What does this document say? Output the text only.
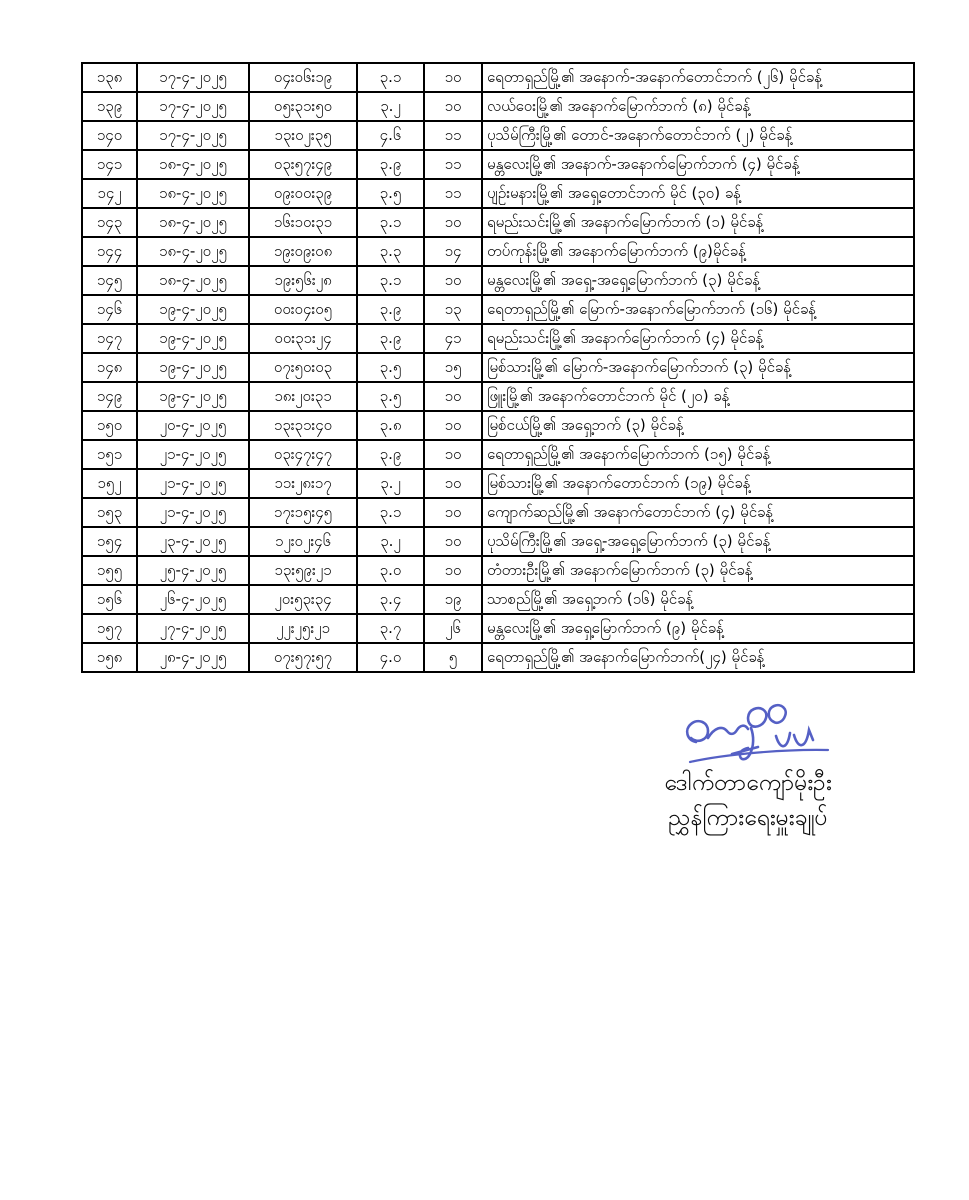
၁၃၈	၁၇-၄-၂၀၂၅	၀၄း၀၆း၁၉	၃.၁	၁၀	ရေတာရှည်မြို့၏ အနောက်-အနောက်တောင်ဘက် (၂၆) မိုင်ခန့်
၁၃၉	၁၇-၄-၂၀၂၅	၀၅း၃၁း၅၀	၃.၂	၁၀	လယ်ဝေးမြို့၏ အနောက်မြောက်ဘက် (၈) မိုင်ခန့်
၁၄၀	၁၇-၄-၂၀၂၅	၁၃း၀၂း၃၅	၄.၆	၁၁	ပုသိမ်ကြီးမြို့၏ တောင်-အနောက်တောင်ဘက် (၂) မိုင်ခန့်
၁၄၁	၁၈-၄-၂၀၂၅	၀၃း၅၇း၄၉	၃.၉	၁၁	မန္တလေးမြို့၏ အနောက်-အနောက်မြောက်ဘက် (၄) မိုင်ခန့်
၁၄၂	၁၈-၄-၂၀၂၅	၀၉း၀၀း၃၉	၃.၅	၁၁	ပျဉ်းမနားမြို့၏ အရှေ့တောင်ဘက် မိုင် (၃၀) ခန့်
၁၄၃	၁၈-၄-၂၀၂၅	၁၆း၁၀း၃၁	၃.၁	၁၀	ရမည်းသင်းမြို့၏ အနောက်မြောက်ဘက် (၁) မိုင်ခန့်
၁၄၄	၁၈-၄-၂၀၂၅	၁၉း၀၉း၀၈	၃.၃	၁၄	တပ်ကုန်းမြို့၏ အနောက်မြောက်ဘက် (၉)မိုင်ခန့်
၁၄၅	၁၈-၄-၂၀၂၅	၁၉း၅၆း၂၈	၃.၁	၁၀	မန္တလေးမြို့၏ အရှေ့-အရှေ့မြောက်ဘက် (၃) မိုင်ခန့်
၁၄၆	၁၉-၄-၂၀၂၅	၀၀း၀၄း၀၅	၃.၉	၁၃	ရေတာရှည်မြို့၏ မြောက်-အနောက်မြောက်ဘက် (၁၆) မိုင်ခန့်
၁၄၇	၁၉-၄-၂၀၂၅	၀၀း၃၁း၂၄	၃.၉	၄၁	ရမည်းသင်းမြို့၏ အနောက်မြောက်ဘက် (၄) မိုင်ခန့်
၁၄၈	၁၉-၄-၂၀၂၅	၀၇း၅၀း၀၃	၃.၅	၁၅	မြစ်သားမြို့၏ မြောက်-အနောက်မြောက်ဘက် (၃) မိုင်ခန့်
၁၄၉	၁၉-၄-၂၀၂၅	၁၈း၂၀း၃၁	၃.၅	၁၀	ဖြူးမြို့၏ အနောက်တောင်ဘက် မိုင် (၂၀) ခန့်
၁၅၀	၂၀-၄-၂၀၂၅	၁၃း၃၁း၄၀	၃.၈	၁၀	မြစ်ငယ်မြို့၏ အရှေ့ဘက် (၃) မိုင်ခန့်
၁၅၁	၂၁-၄-၂၀၂၅	၀၃း၄၇း၄၇	၃.၉	၁၀	ရေတာရှည်မြို့၏ အနောက်မြောက်ဘက် (၁၅) မိုင်ခန့်
၁၅၂	၂၁-၄-၂၀၂၅	၁၁း၂၈း၁၇	၃.၂	၁၀	မြစ်သားမြို့၏ အနောက်တောင်ဘက် (၁၉) မိုင်ခန့်
၁၅၃	၂၁-၄-၂၀၂၅	၁၇း၁၅း၄၅	၃.၁	၁၀	ကျောက်ဆည်မြို့၏ အနောက်တောင်ဘက် (၄) မိုင်ခန့်
၁၅၄	၂၃-၄-၂၀၂၅	၁၂း၀၂း၄၆	၃.၂	၁၀	ပုသိမ်ကြီးမြို့၏ အရှေ့-အရှေ့မြောက်ဘက် (၃) မိုင်ခန့်
၁၅၅	၂၅-၄-၂၀၂၅	၁၃း၅၉း၂၁	၃.၀	၁၀	တံတားဦးမြို့၏ အနောက်မြောက်ဘက် (၃) မိုင်ခန့်
၁၅၆	၂၆-၄-၂၀၂၅	၂၀း၅၃း၃၄	၃.၄	၁၉	သာစည်မြို့၏ အရှေ့ဘက် (၁၆) မိုင်ခန့်
၁၅၇	၂၇-၄-၂၀၂၅	၂၂း၂၅း၂၁	၃.၇	၂၆	မန္တလေးမြို့၏ အရှေ့မြောက်ဘက် (၉) မိုင်ခန့်
၁၅၈	၂၈-၄-၂၀၂၅	၀၇း၅၇း၅၇	၄.၀	၅	ရေတာရှည်မြို့၏ အနောက်မြောက်ဘက်(၂၄) မိုင်ခန့်
ဒေါက်တာကျော်မိုးဦး
ညွှန်ကြားရေးမှူးချုပ်
